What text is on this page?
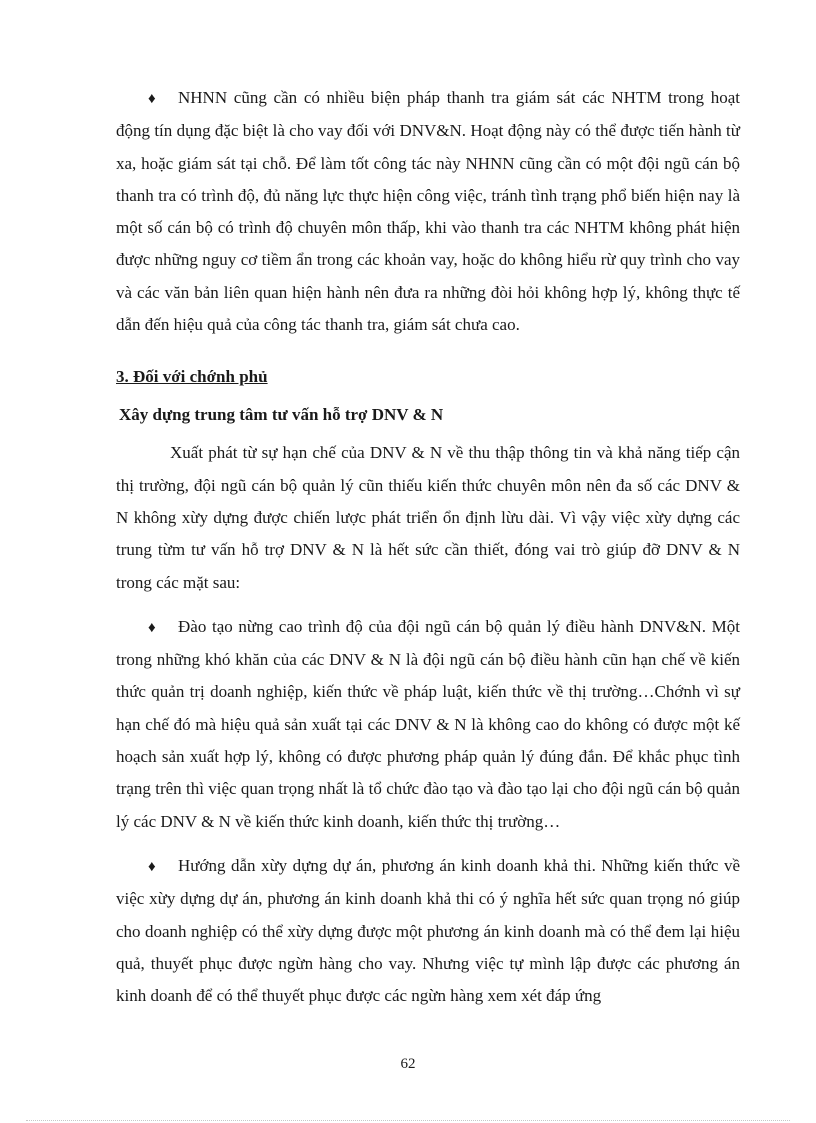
♦ NHNN cũng cần có nhiều biện pháp thanh tra giám sát các NHTM trong hoạt động tín dụng đặc biệt là cho vay đối với DNV&N. Hoạt động này có thể được tiến hành từ xa, hoặc giám sát tại chỗ. Để làm tốt công tác này NHNN cũng cần có một đội ngũ cán bộ thanh tra có trình độ, đủ năng lực thực hiện công việc, tránh tình trạng phổ biến hiện nay là một số cán bộ có trình độ chuyên môn thấp, khi vào thanh tra các NHTM không phát hiện được những nguy cơ tiềm ẩn trong các khoản vay, hoặc do không hiểu rừ quy trình cho vay và các văn bản liên quan hiện hành nên đưa ra những đòi hỏi không hợp lý, không thực tế dẫn đến hiệu quả của công tác thanh tra, giám sát chưa cao.

3. Đối với chớnh phủ

Xây dựng trung tâm tư vấn hỗ trợ DNV & N

Xuất phát từ sự hạn chế của DNV & N về thu thập thông tin và khả năng tiếp cận thị trường, đội ngũ cán bộ quản lý cũn thiếu kiến thức chuyên môn nên đa số các DNV & N không xừy dựng được chiến lược phát triển ổn định lừu dài. Vì vậy việc xừy dựng các trung từm tư vấn hỗ trợ DNV & N là hết sức cần thiết, đóng vai trò giúp đỡ DNV & N trong các mặt sau:

♦ Đào tạo nừng cao trình độ của đội ngũ cán bộ quản lý điều hành DNV&N. Một trong những khó khăn của các DNV & N là đội ngũ cán bộ điều hành cũn hạn chế về kiến thức quản trị doanh nghiệp, kiến thức về pháp luật, kiến thức về thị trường…Chớnh vì sự hạn chế đó mà hiệu quả sản xuất tại các DNV & N là không cao do không có được một kế hoạch sản xuất hợp lý, không có được phương pháp quản lý đúng đắn. Để khắc phục tình trạng trên thì việc quan trọng nhất là tổ chức đào tạo và đào tạo lại cho đội ngũ cán bộ quản lý các DNV & N về kiến thức kinh doanh, kiến thức thị trường…

♦ Hướng dẫn xừy dựng dự án, phương án kinh doanh khả thi. Những kiến thức về việc xừy dựng dự án, phương án kinh doanh khả thi có ý nghĩa hết sức quan trọng nó giúp cho doanh nghiệp có thể xừy dựng được một phương án kinh doanh mà có thể đem lại hiệu quả, thuyết phục được ngừn hàng cho vay. Nhưng việc tự mình lập được các phương án kinh doanh để có thể thuyết phục được các ngừn hàng xem xét đáp ứng

62
